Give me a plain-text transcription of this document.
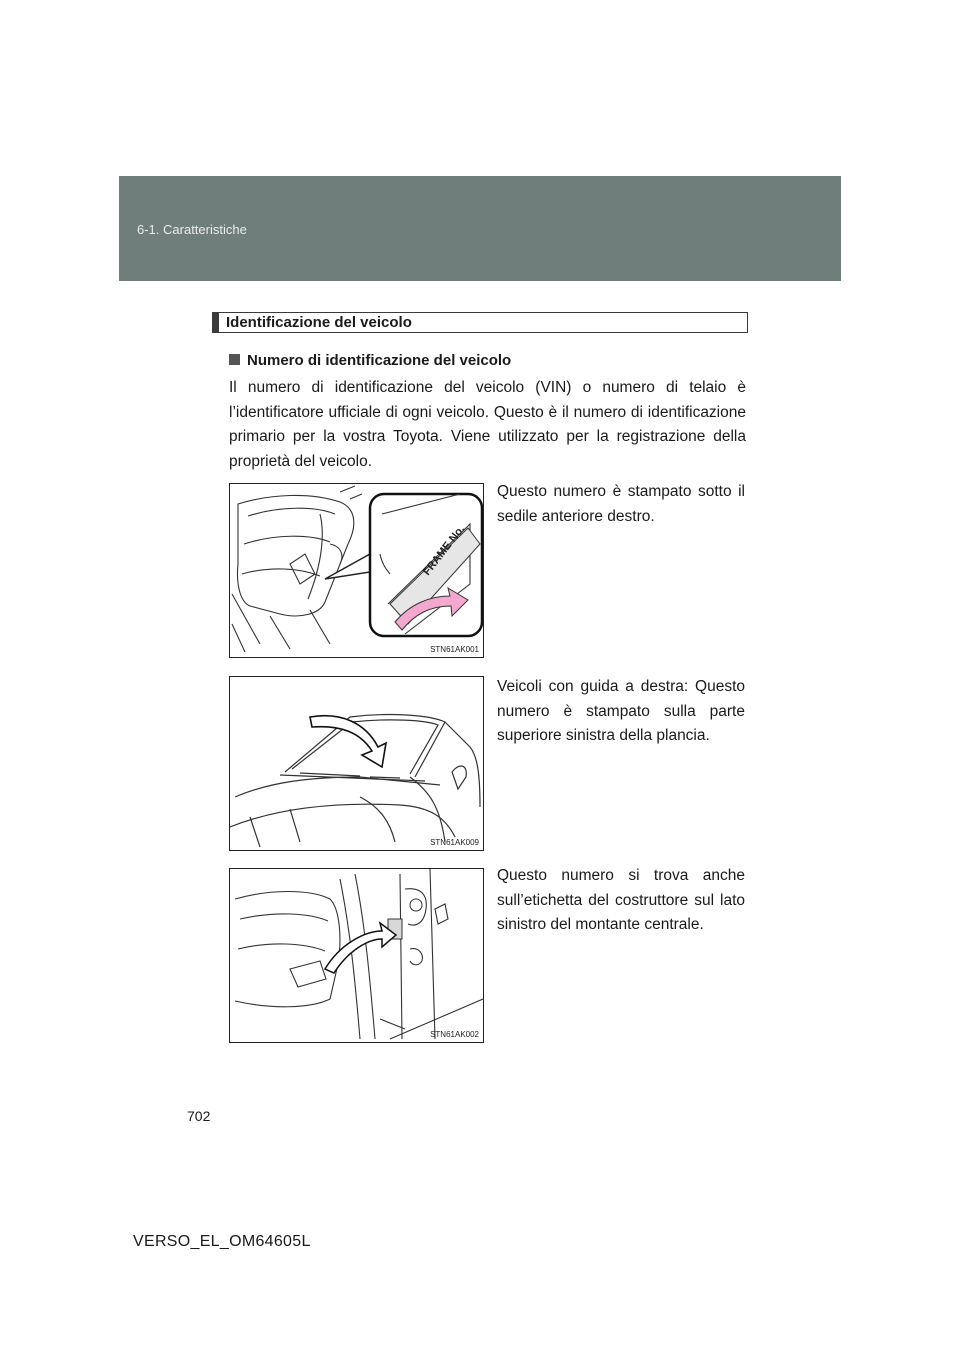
6-1. Caratteristiche
Identificazione del veicolo
Numero di identificazione del veicolo
Il numero di identificazione del veicolo (VIN) o numero di telaio è l’identificatore ufficiale di ogni veicolo. Questo è il numero di identificazione primario per la vostra Toyota. Viene utilizzato per la registrazione della proprietà del veicolo.
FRAME No.
STN61AK001
Questo numero è stampato sotto il sedile anteriore destro.
STN61AK009
Veicoli con guida a destra: Questo numero è stampato sulla parte superiore sinistra della plancia.
STN61AK002
Questo numero si trova anche sull’etichetta del costruttore sul lato sinistro del montante centrale.
702
VERSO_EL_OM64605L
